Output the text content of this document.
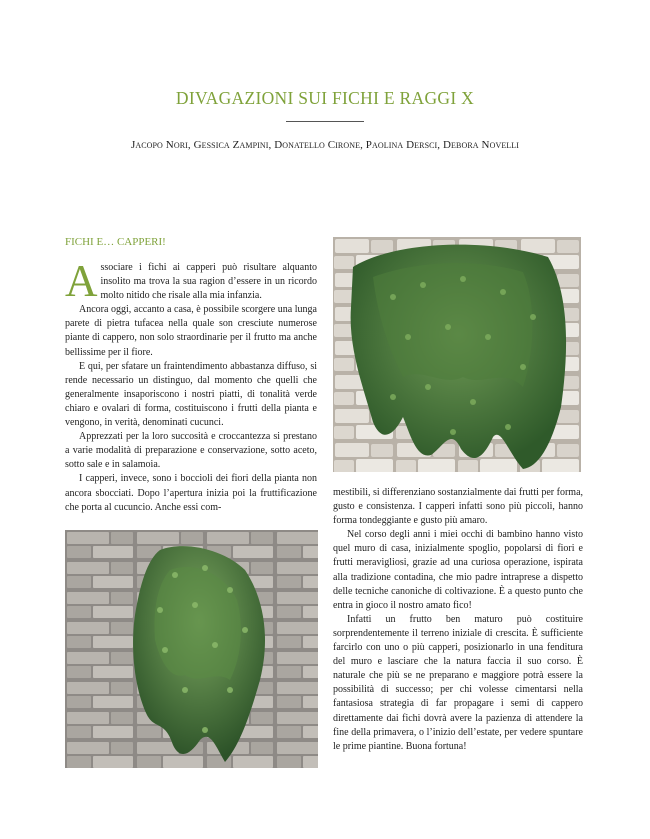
DIVAGAZIONI SUI FICHI E RAGGI X
Jacopo Nori, Gessica Zampini, Donatello Cirone, Paolina Dersci, Debora Novelli
FICHI E… CAPPERI!

Associare i fichi ai capperi può risultare alquanto insolito ma trova la sua ragion d’essere in un ricordo molto nitido che risale alla mia infanzia.

Ancora oggi, accanto a casa, è possibile scorgere una lunga parete di pietra tufacea nella quale son cresciute numerose piante di cappero, non solo straordinarie per il frutto ma anche bellissime per il fiore.

E qui, per sfatare un fraintendimento abbastanza diffuso, si rende necessario un distinguo, dal momento che quelli che generalmente insaporiscono i nostri piatti, di tonalità verde chiaro e ovalari di forma, costituiscono i frutti della pianta e vengono, in verità, denominati cucunci.

Apprezzati per la loro succosità e croccantezza si prestano a varie modalità di preparazione e conservazione, sotto aceto, sotto sale e in salamoia.

I capperi, invece, sono i boccioli dei fiori della pianta non ancora sbocciati. Dopo l’apertura inizia poi la fruttificazione che porta al cucuncio. Anche essi com-

mestibili, si differenziano sostanzialmente dai frutti per forma, gusto e consistenza. I capperi infatti sono più piccoli, hanno forma tondeggiante e gusto più amaro.

Nel corso degli anni i miei occhi di bambino hanno visto quel muro di casa, inizialmente spoglio, popolarsi di fiori e frutti meravigliosi, grazie ad una curiosa operazione, ispirata alla tradizione contadina, che mio padre intraprese a dispetto delle tecniche canoniche di coltivazione. È a questo punto che entra in gioco il nostro amato fico!

Infatti un frutto ben maturo può costituire sorprendentemente il terreno iniziale di crescita. È sufficiente farcirlo con uno o più capperi, posizionarlo in una fenditura del muro e lasciare che la natura faccia il suo corso. È naturale che più se ne preparano e maggiore potrà essere la possibilità di successo; per chi volesse cimentarsi nella fantasiosa strategia di far propagare i semi di cappero direttamente dai fichi dovrà avere la pazienza di attendere la fine della primavera, o l’inizio dell’estate, per vedere spuntare le prime piantine. Buona fortuna!
